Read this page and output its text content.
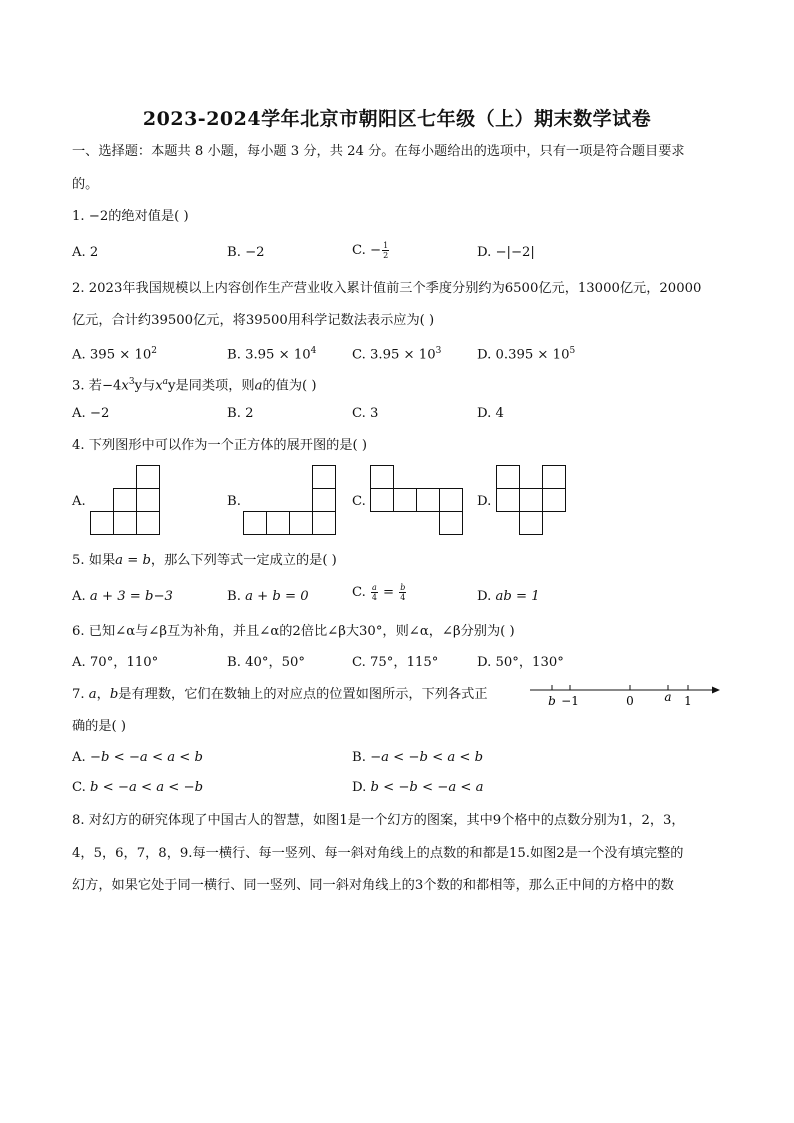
2023-2024学年北京市朝阳区七年级（上）期末数学试卷
一、选择题：本题共 8 小题，每小题 3 分，共 24 分。在每小题给出的选项中，只有一项是符合题目要求
的。
1. −2的绝对值是( )
A. 2	B. −2	C. − $\frac{1}{2}$	D. −|−2|
2. 2023年我国规模以上内容创作生产营业收入累计值前三个季度分别约为6500亿元，13000亿元，20000
亿元，合计约39500亿元，将39500用科学记数法表示应为( )
A. $395 \times 10^2$	B. $3.95 \times 10^4$	C. $3.95 \times 10^3$	D. $0.395 \times 10^5$
3. 若$-4x^3y$与$x^ay$是同类项，则a的值为( )
A. −2	B. 2	C. 3	D. 4
4. 下列图形中可以作为一个正方体的展开图的是( )
A.	B.	C.	D.
5. 如果a = b，那么下列等式一定成立的是( )
A. a + 3 = b−3	B. a + b = 0	C. $\frac{a}{4} = \frac{b}{4}$	D. ab = 1
6. 已知∠α与∠β互为补角，并且∠α的2倍比∠β大30°，则∠α，∠β分别为( )
A. 70°，110°	B. 40°，50°	C. 75°，115°	D. 50°，130°
7. a，b是有理数，它们在数轴上的对应点的位置如图所示，下列各式正
确的是( )
b −1	0	a 1
A. −b < −a < a < b	B. −a < −b < a < b
C. b < −a < a < −b	D. b < −b < −a < a
8. 对幻方的研究体现了中国古人的智慧，如图1是一个幻方的图案，其中9个格中的点数分别为1，2，3，
4，5，6，7，8，9.每一横行、每一竖列、每一斜对角线上的点数的和都是15.如图2是一个没有填完整的
幻方，如果它处于同一横行、同一竖列、同一斜对角线上的3个数的和都相等，那么正中间的方格中的数
